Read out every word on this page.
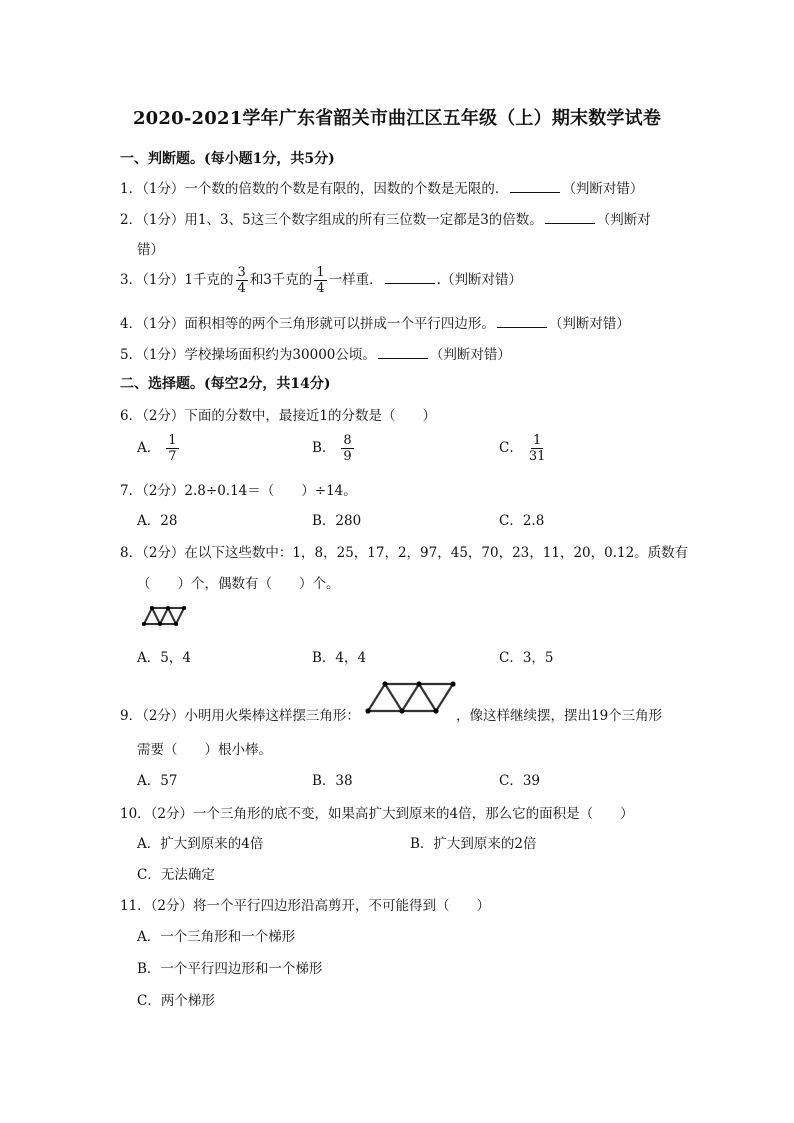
2020-2021学年广东省韶关市曲江区五年级（上）期末数学试卷
一、判断题。(每小题1分，共5分)
1．（1分）一个数的倍数的个数是有限的，因数的个数是无限的．	（判断对错）
2．（1分）用1、3、5这三个数字组成的所有三位数一定都是3的倍数。	（判断对
错）
3．（1分）1千克的 $\frac{3}{4}$ 和3千克的 $\frac{1}{4}$ 一样重．	.（判断对错）
4．（1分）面积相等的两个三角形就可以拼成一个平行四边形。	（判断对错）
5．（1分）学校操场面积约为30000公顷。	（判断对错）
二、选择题。(每空2分，共14分)
6．（2分）下面的分数中，最接近1的分数是（　　）
A． $\frac{1}{7}$	B． $\frac{8}{9}$	C． $\frac{1}{31}$
7．（2分）2.8÷0.14＝（　　）÷14。
A．28	B．280	C．2.8
8．（2分）在以下这些数中：1，8，25，17，2，97，45，70，23，11，20，0.12。质数有
（　　）个，偶数有（　　）个。
A．5，4	B．4，4	C．3，5
9．（2分）小明用火柴棒这样摆三角形：	，像这样继续摆，摆出19个三角形
需要（　　）根小棒。
A．57	B．38	C．39
10．（2分）一个三角形的底不变，如果高扩大到原来的4倍，那么它的面积是（　　）
A．扩大到原来的4倍	B．扩大到原来的2倍
C．无法确定
11．（2分）将一个平行四边形沿高剪开，不可能得到（　　）
A．一个三角形和一个梯形
B．一个平行四边形和一个梯形
C．两个梯形
